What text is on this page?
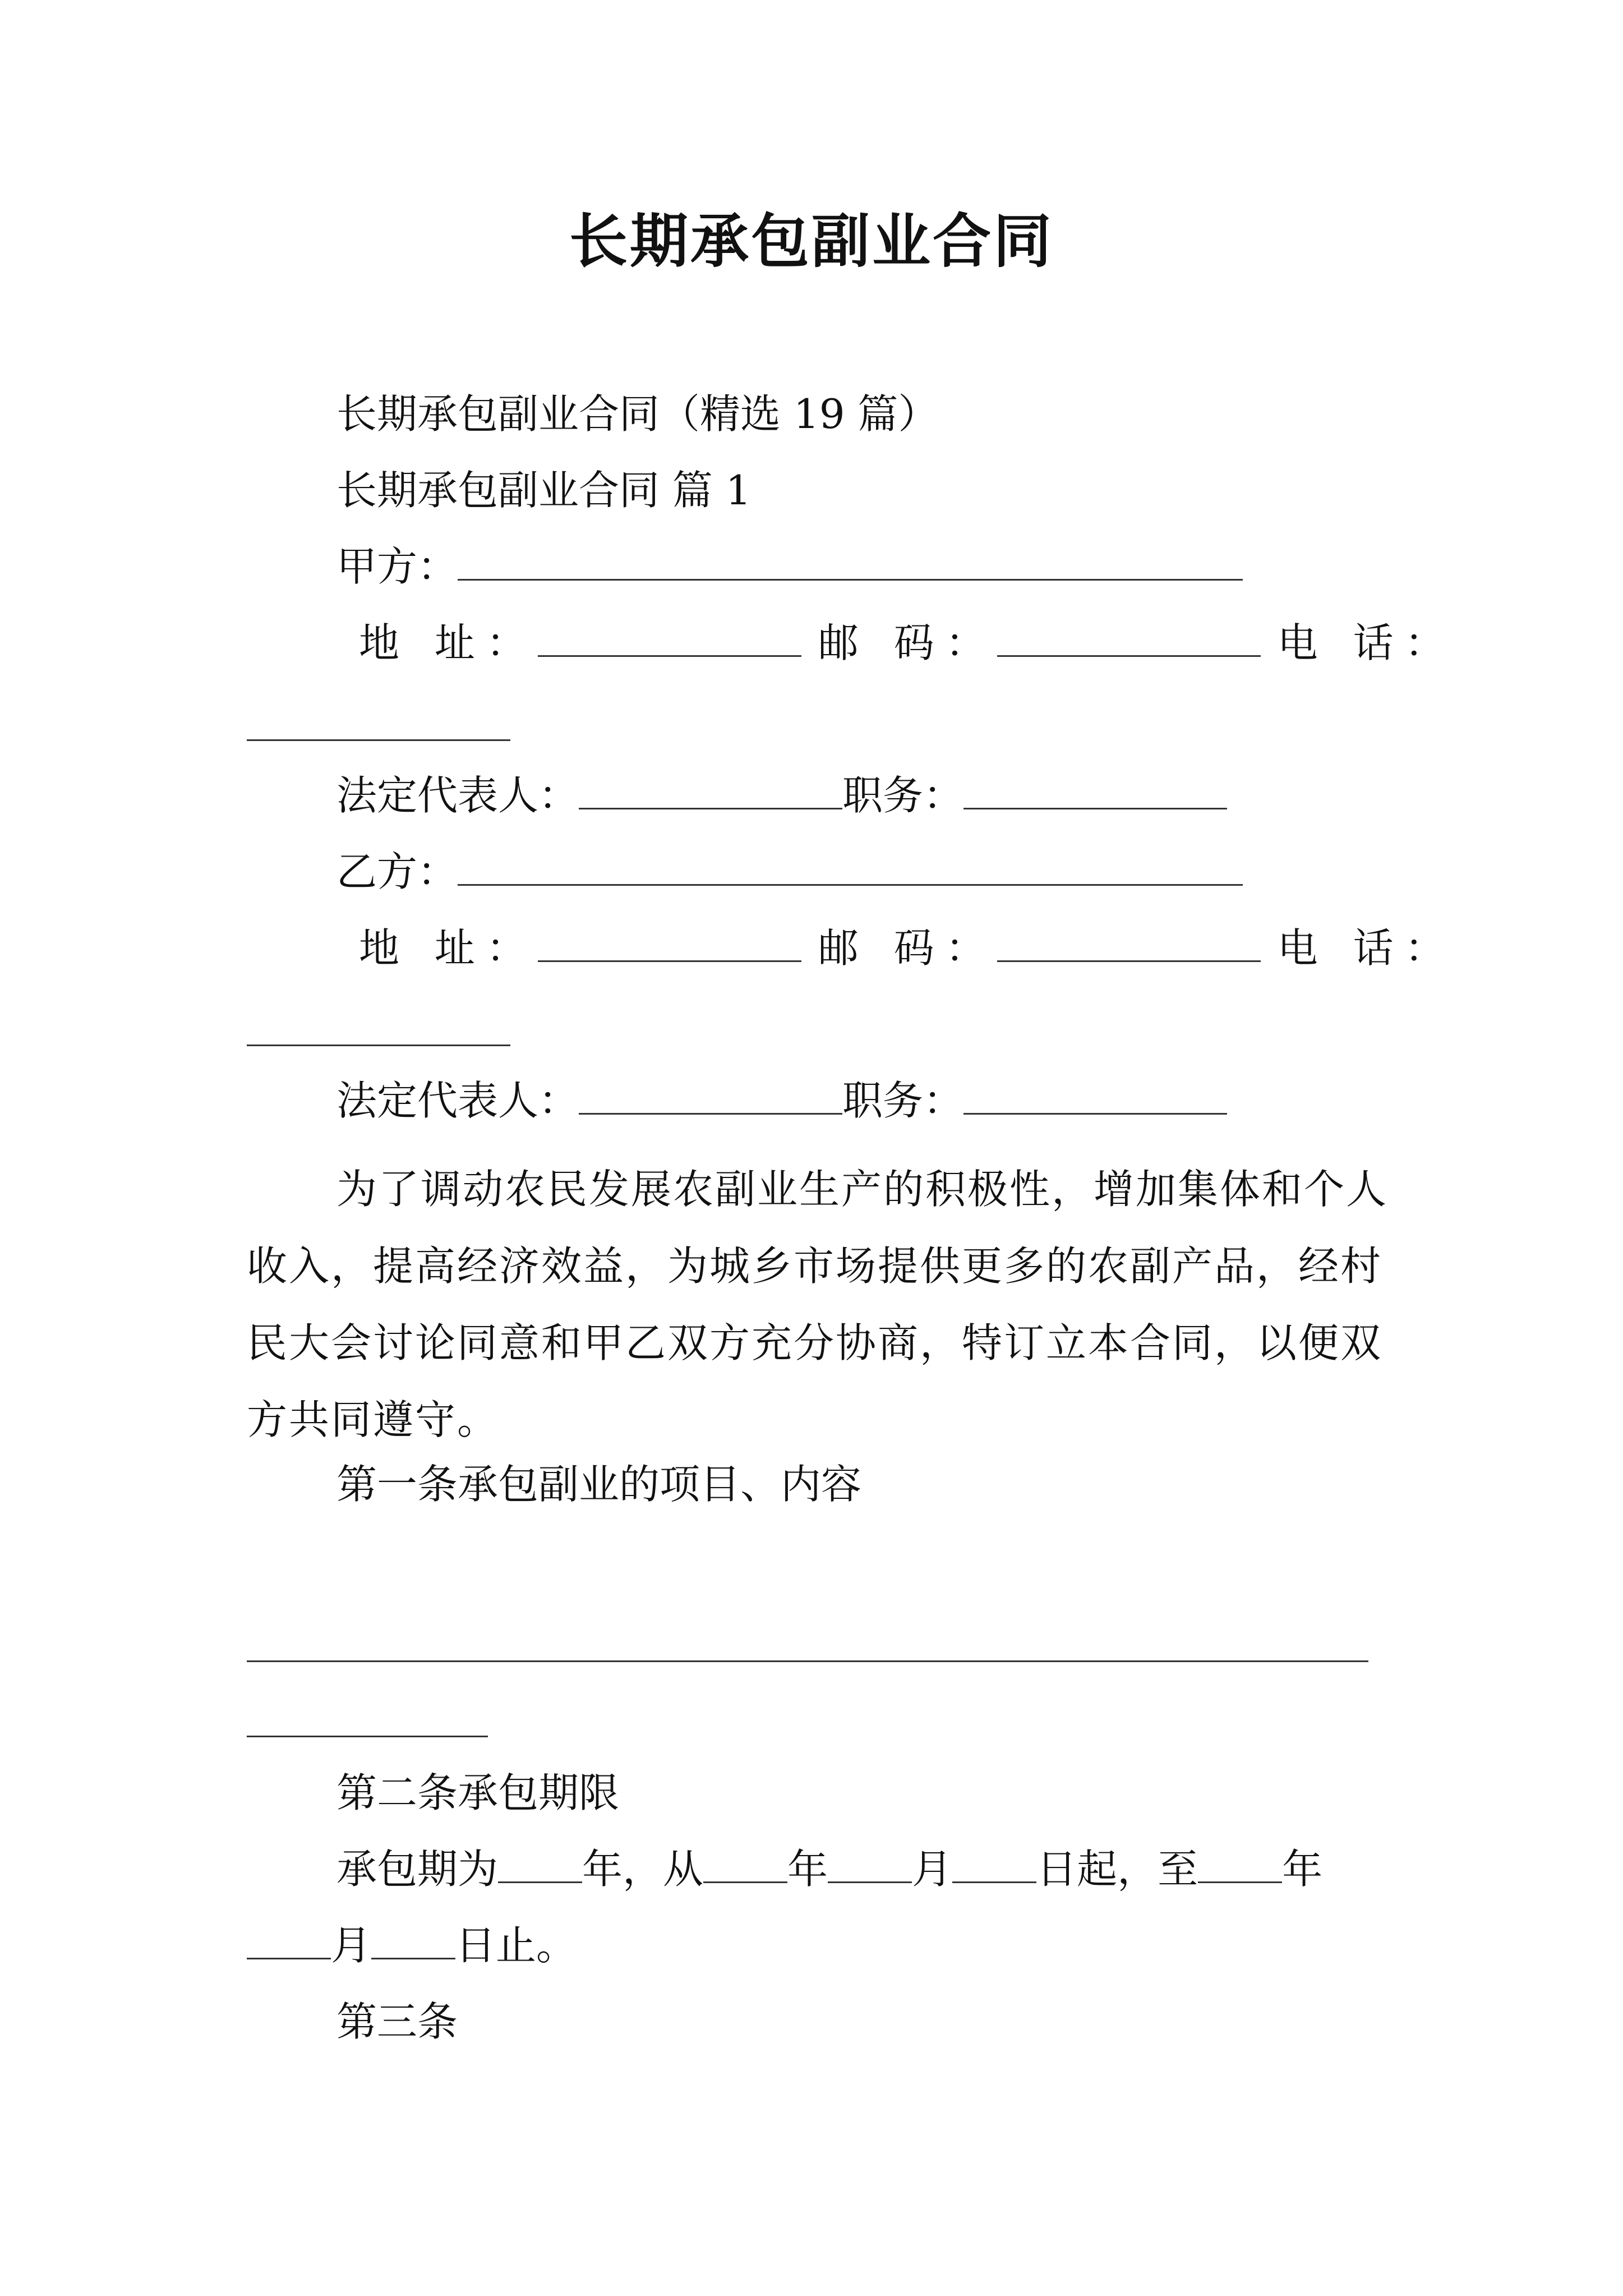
长期承包副业合同
长期承包副业合同（精选 19 篇）
长期承包副业合同 篇 1
甲方：
地 址：	邮 码：	电 话：
法定代表人：	职务：
乙方：
地 址：	邮 码：	电 话：
法定代表人：	职务：
为了调动农民发展农副业生产的积极性，增加集体和个人收入，提高经济效益，为城乡市场提供更多的农副产品，经村民大会讨论同意和甲乙双方充分协商，特订立本合同，以便双方共同遵守。
第一条承包副业的项目、内容
第二条承包期限
承包期为 年，从 年 月 日起，至 年
月 日止。
第三条
